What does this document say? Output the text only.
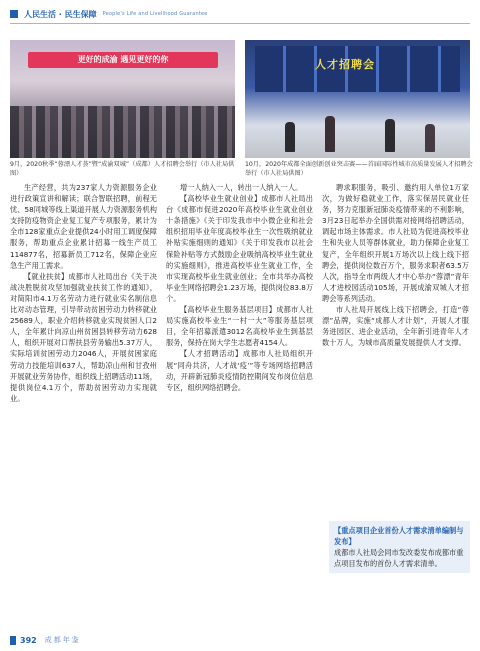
人民生活 · 民生保障 People's Life and Livelihood Guarantee
更好的成渝 遇见更好的你	人才招聘会
9月，2020秋季“蓉漂人才荟”暨“成渝双城”（成都）人才招聘会举行（市人社局供图）
10月，2020年成都全面创新创业突击赛——首届国际性城市高质量发展人才招聘会举行（市人社局供图）

生产经营，共为237家人力资源服务企业进行政策宣讲和解读；联合智联招聘，前程无忧、58同城等线上渠道开展人力资源服务机构支持防疫物资企业复工复产专项服务，累计为全市128家重点企业提供24小时用工调度保障服务，帮助重点企业累计招募一线生产员工114877名，招募新员工712名，保障企业应急生产用工需求。

【就业扶贫】成都市人社局出台《关于决战决胜脱贫攻坚加强就业扶贫工作的通知》，对简阳市4.1万名劳动力进行就业实名制信息比对动态管理，引导带动贫困劳动力转移就业25689人，职业介绍转移就业实现贫困人口2人，全年累计向凉山州贫困县转移劳动力628人，组织开展对口帮扶县劳务输出5.37万人，实际培训贫困劳动力2046人，开展贫困家庭劳动力技能培训637人，帮助凉山州和甘孜州开展就业劳务协作，组织线上招聘活动11场，提供岗位4.1万个，帮助贫困劳动力实现就业。

增一人纳入一人，转出一人纳入一人。

【高校毕业生就业创业】成都市人社局出台《成都市促进2020年高校毕业生就业创业十条措施》《关于印发我市中小微企业和社会组织招用毕业年度高校毕业生一次性吸纳就业补贴实施细则的通知》《关于印发我市以社会保险补贴等方式鼓励企业吸纳高校毕业生就业的实施细则》，推进高校毕业生就业工作，全市实现高校毕业生就业创业；全市共举办高校毕业生网络招聘会1.23万场，提供岗位83.8万个。

【高校毕业生服务基层项目】成都市人社局实施高校毕业生“一村一大”等服务基层项目，全年招募派遣3012名高校毕业生到基层服务，保持在岗大学生志愿者4154人。

【人才招聘活动】成都市人社局组织开展“同舟共济，人才战‘疫’”等专场网络招聘活动，开辟新冠肺炎疫情防控期间发布岗位信息专区，组织网络招聘会。

聘求职服务，吸引、邀约用人单位1万家次，为做好稳就业工作，落实保居民就业任务，努力克服新冠肺炎疫情带来的不利影响，3月23日起举办全国供需对接网络招聘活动，调起市场主体需求。市人社局为促进高校毕业生和失业人员等群体就业，助力保障企业复工复产，全年组织开展1万场次以上线上线下招聘会，提供岗位数百万个，服务求职者63.5万人次，指导全市两级人才中心举办“蓉漂”青年人才进校园活动105场，开展成渝双城人才招聘会等系列活动。

市人社局开展线上线下招聘会，打造“蓉漂”品牌，实施“成都人才计划”，开展人才服务进园区、进企业活动，全年新引进青年人才数十万人，为城市高质量发展提供人才支撑。

【重点项目企业首份人才需求清单编制与发布】
成都市人社局会同市发改委发布成都市重点项目发布的首份人才需求清单。
392 成都年鉴
